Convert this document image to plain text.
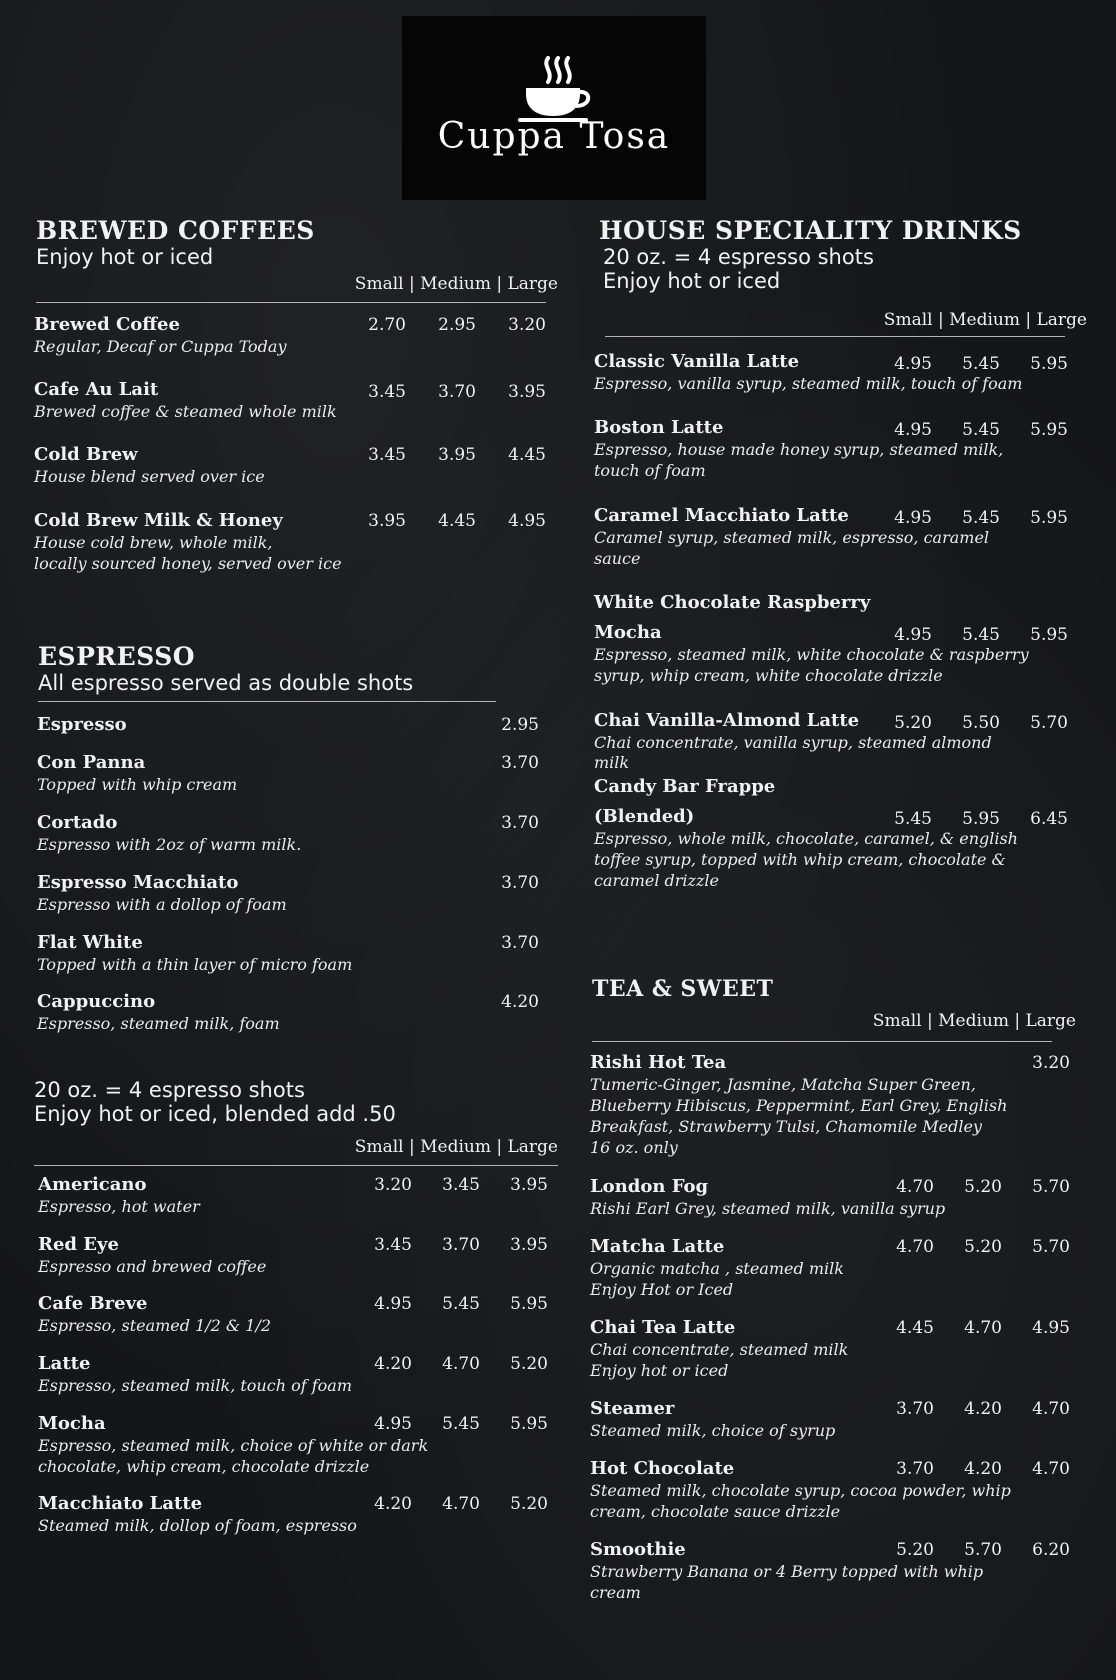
Cuppa Tosa
BREWED COFFEES
Enjoy hot or iced
Small | Medium | Large
Brewed Coffee
Regular, Decaf or Cuppa Today
2.70	2.95	3.20
Cafe Au Lait
Brewed coffee & steamed whole milk
3.45	3.70	3.95
Cold Brew
House blend served over ice
3.45	3.95	4.45
Cold Brew Milk & Honey
House cold brew, whole milk,
locally sourced honey, served over ice
3.95	4.45	4.95
ESPRESSO
All espresso served as double shots
Espresso	2.95
Con Panna
Topped with whip cream
3.70
Cortado
Espresso with 2oz of warm milk.
3.70
Espresso Macchiato
Espresso with a dollop of foam
3.70
Flat White
Topped with a thin layer of micro foam
3.70
Cappuccino
Espresso, steamed milk, foam
4.20
20 oz. = 4 espresso shots
Enjoy hot or iced, blended add .50
Small | Medium | Large
Americano
Espresso, hot water
3.20	3.45	3.95
Red Eye
Espresso and brewed coffee
3.45	3.70	3.95
Cafe Breve
Espresso, steamed 1/2 & 1/2
4.95	5.45	5.95
Latte
Espresso, steamed milk, touch of foam
4.20	4.70	5.20
Mocha
Espresso, steamed milk, choice of white or dark
chocolate, whip cream, chocolate drizzle
4.95	5.45	5.95
Macchiato Latte
Steamed milk, dollop of foam, espresso
4.20	4.70	5.20
HOUSE SPECIALITY DRINKS
20 oz. = 4 espresso shots
Enjoy hot or iced
Small | Medium | Large
Classic Vanilla Latte
Espresso, vanilla syrup, steamed milk, touch of foam
4.95	5.45	5.95
Boston Latte
Espresso, house made honey syrup, steamed milk,
touch of foam
4.95	5.45	5.95
Caramel Macchiato Latte
Caramel syrup, steamed milk, espresso, caramel
sauce
4.95	5.45	5.95
White Chocolate Raspberry
Mocha
Espresso, steamed milk, white chocolate & raspberry
syrup, whip cream, white chocolate drizzle
4.95	5.45	5.95
Chai Vanilla-Almond Latte
Chai concentrate, vanilla syrup, steamed almond
milk
5.20	5.50	5.70
Candy Bar Frappe
(Blended)
Espresso, whole milk, chocolate, caramel, & english
toffee syrup, topped with whip cream, chocolate &
caramel drizzle
5.45	5.95	6.45
TEA & SWEET
Small | Medium | Large
Rishi Hot Tea
Tumeric-Ginger, Jasmine, Matcha Super Green,
Blueberry Hibiscus, Peppermint, Earl Grey, English
Breakfast, Strawberry Tulsi, Chamomile Medley
16 oz. only
3.20
London Fog
Rishi Earl Grey, steamed milk, vanilla syrup
4.70	5.20	5.70
Matcha Latte
Organic matcha , steamed milk
Enjoy Hot or Iced
4.70	5.20	5.70
Chai Tea Latte
Chai concentrate, steamed milk
Enjoy hot or iced
4.45	4.70	4.95
Steamer
Steamed milk, choice of syrup
3.70	4.20	4.70
Hot Chocolate
Steamed milk, chocolate syrup, cocoa powder, whip
cream, chocolate sauce drizzle
3.70	4.20	4.70
Smoothie
Strawberry Banana or 4 Berry topped with whip
cream
5.20	5.70	6.20
